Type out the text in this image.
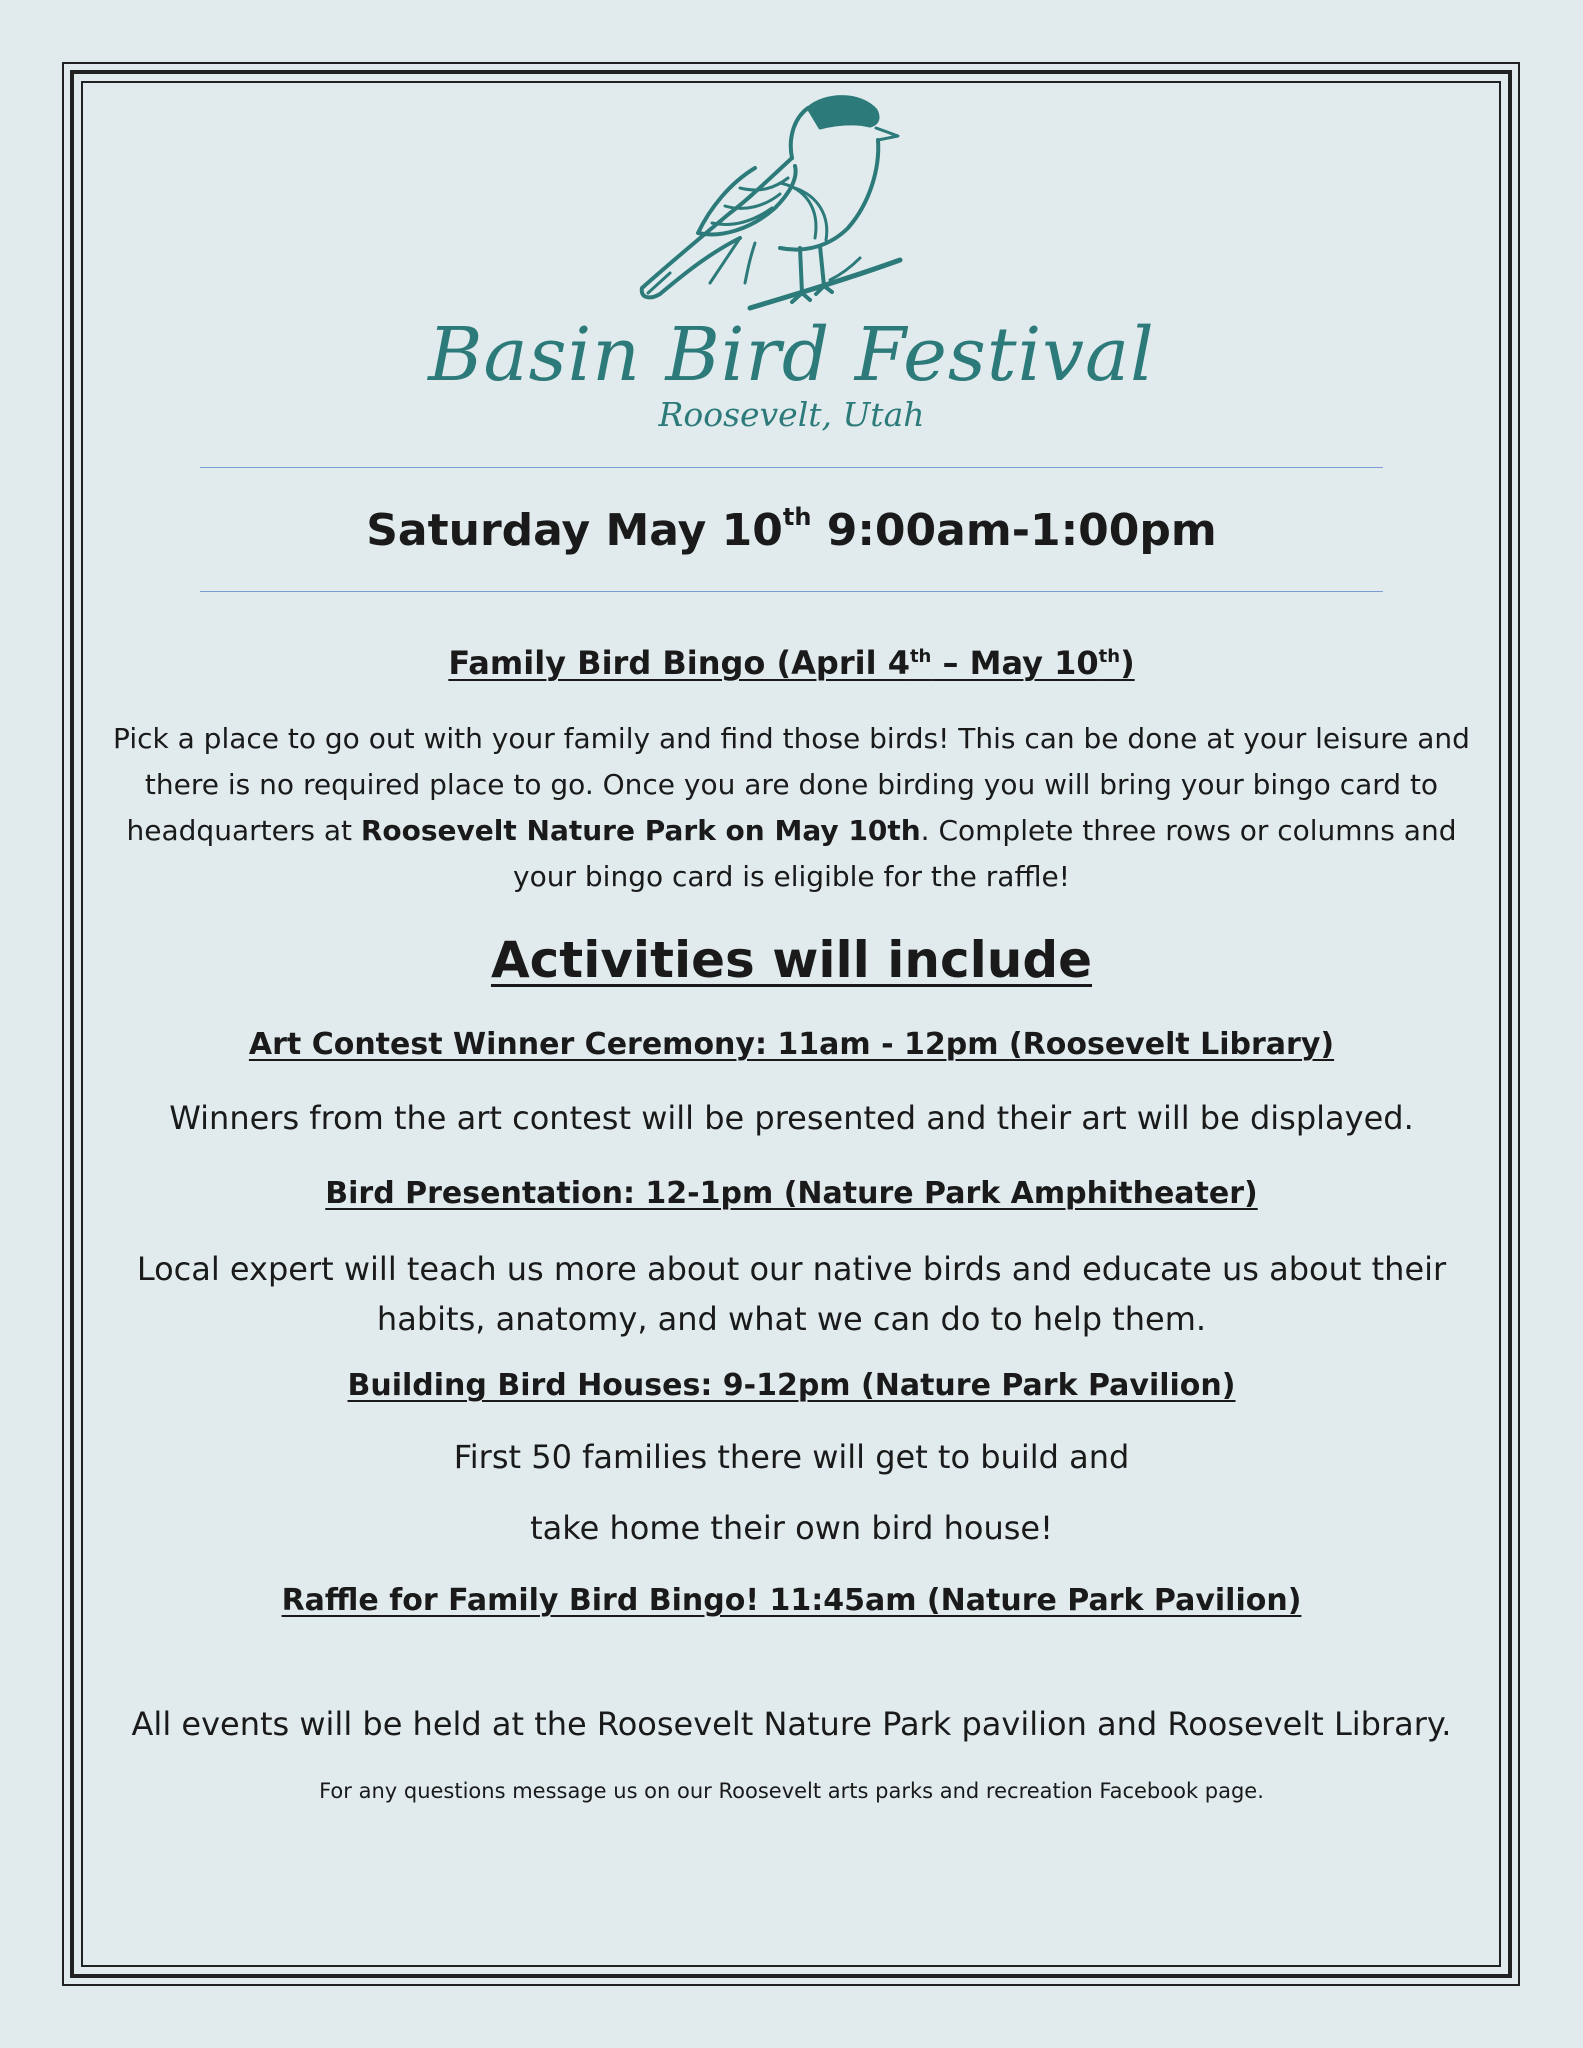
Basin Bird Festival
Roosevelt, Utah
Saturday May 10th 9:00am-1:00pm
Family Bird Bingo (April 4th – May 10th)
Pick a place to go out with your family and find those birds! This can be done at your leisure and there is no required place to go. Once you are done birding you will bring your bingo card to headquarters at Roosevelt Nature Park on May 10th. Complete three rows or columns and your bingo card is eligible for the raffle!
Activities will include
Art Contest Winner Ceremony: 11am - 12pm (Roosevelt Library)
Winners from the art contest will be presented and their art will be displayed.
Bird Presentation: 12-1pm (Nature Park Amphitheater)
Local expert will teach us more about our native birds and educate us about their habits, anatomy, and what we can do to help them.
Building Bird Houses: 9-12pm (Nature Park Pavilion)
First 50 families there will get to build and
take home their own bird house!
Raffle for Family Bird Bingo! 11:45am (Nature Park Pavilion)
All events will be held at the Roosevelt Nature Park pavilion and Roosevelt Library.
For any questions message us on our Roosevelt arts parks and recreation Facebook page.
